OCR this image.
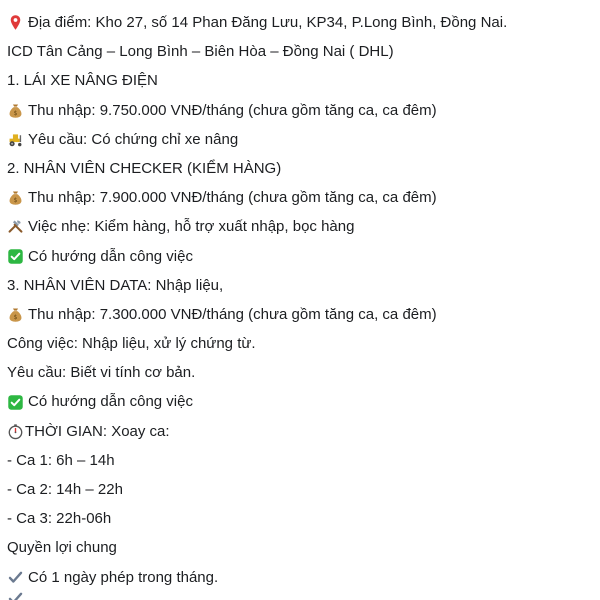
Địa điểm: Kho 27, số 14 Phan Đăng Lưu, KP34, P.Long Bình, Đồng Nai.
ICD Tân Cảng – Long Bình – Biên Hòa – Đồng Nai ( DHL)
1. LÁI XE NÂNG ĐIỆN
$ Thu nhập: 9.750.000 VNĐ/tháng (chưa gồm tăng ca, ca đêm)
Yêu cầu: Có chứng chỉ xe nâng
2. NHÂN VIÊN CHECKER (KIỂM HÀNG)
$ Thu nhập: 7.900.000 VNĐ/tháng (chưa gồm tăng ca, ca đêm)
Việc nhẹ: Kiểm hàng, hỗ trợ xuất nhập, bọc hàng
Có hướng dẫn công việc
3. NHÂN VIÊN DATA: Nhập liệu,
$ Thu nhập: 7.300.000 VNĐ/tháng (chưa gồm tăng ca, ca đêm)
Công việc: Nhập liệu, xử lý chứng từ.
Yêu cầu: Biết vi tính cơ bản.
Có hướng dẫn công việc
THỜI GIAN: Xoay ca:
- Ca 1: 6h – 14h
- Ca 2: 14h – 22h
- Ca 3: 22h-06h
Quyền lợi chung
Có 1 ngày phép trong tháng.
